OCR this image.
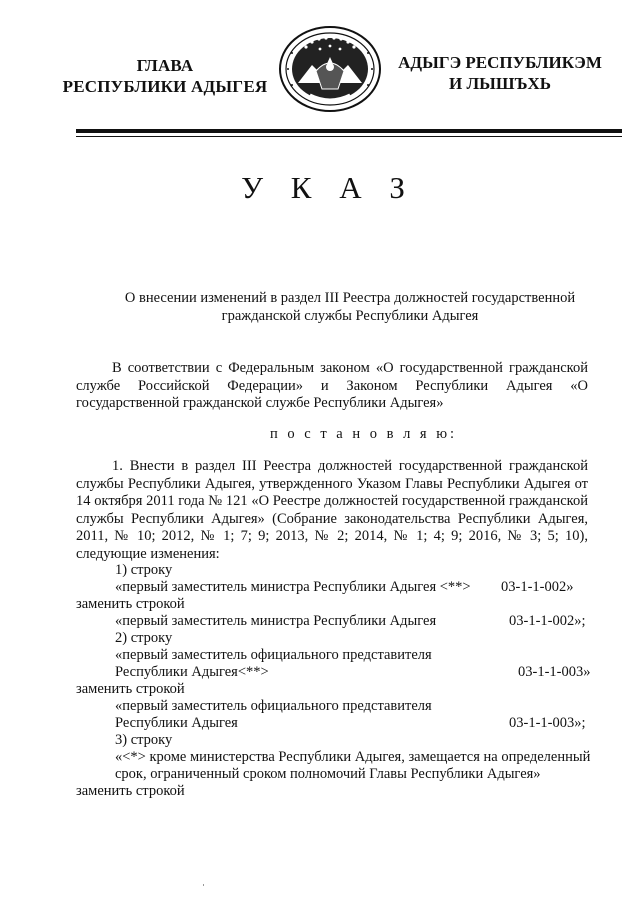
ГЛАВА
РЕСПУБЛИКИ АДЫГЕЯ
АДЫГЭ РЕСПУБЛИКЭМ
И ЛЫШЪХЬ
У К А З
О внесении изменений в раздел III Реестра должностей государственной
гражданской службы Республики Адыгея

В соответствии с Федеральным законом «О государственной гражданской службе Российской Федерации» и Законом Республики Адыгея «О государственной гражданской службе Республики Адыгея»

п о с т а н о в л я ю:

1. Внести в раздел III Реестра должностей государственной гражданской службы Республики Адыгея, утвержденного Указом Главы Республики Адыгея от 14 октября 2011 года № 121 «О Реестре должностей государственной гражданской службы Республики Адыгея» (Собрание законодательства Республики Адыгея, 2011, № 10; 2012, № 1; 7; 9; 2013, № 2; 2014, № 1; 4; 9; 2016, № 3; 5; 10), следующие изменения:

1) строку
«первый заместитель министра Республики Адыгея <**> 03-1-1-002»
заменить строкой
«первый заместитель министра Республики Адыгея	03-1-1-002»;
2) строку
«первый заместитель официального представителя
Республики Адыгея<**>	03-1-1-003»
заменить строкой
«первый заместитель официального представителя
Республики Адыгея	03-1-1-003»;
3) строку
«<*> кроме министерства Республики Адыгея, замещается на определенный
срок, ограниченный сроком полномочий Главы Республики Адыгея»
заменить строкой
